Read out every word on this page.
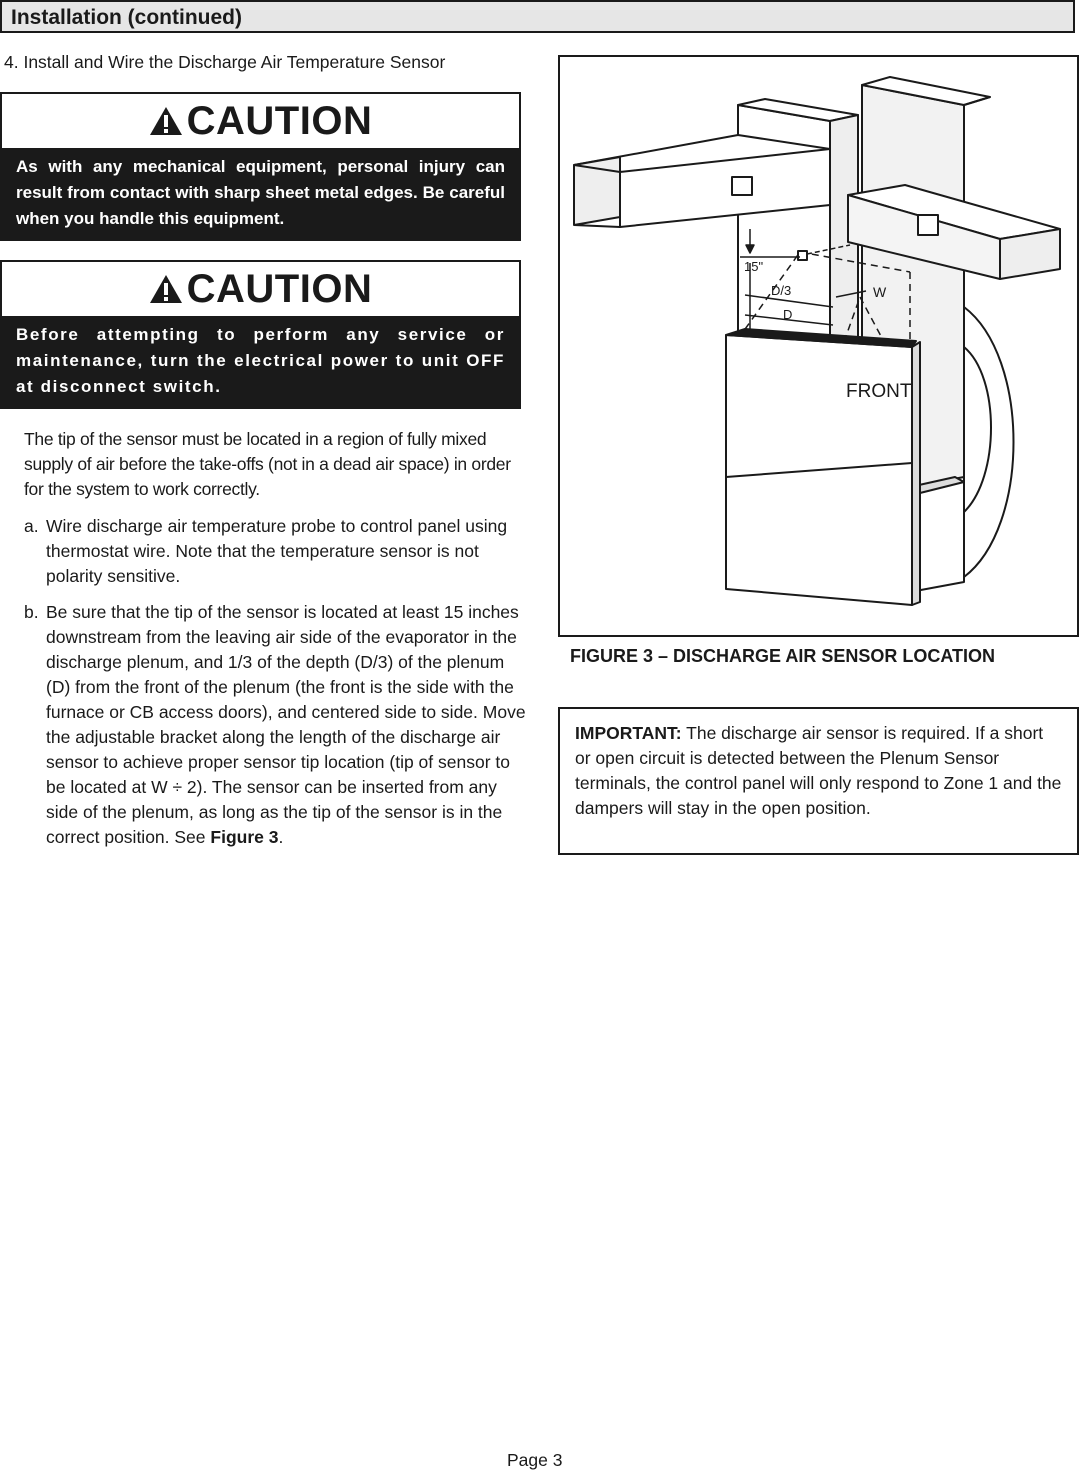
Installation (continued)
4. Install and Wire the Discharge Air Temperature Sensor
CAUTION
As with any mechanical equipment, personal injury can result from contact with sharp sheet metal edges. Be careful when you handle this equipment.
CAUTION
Before attempting to perform any service or maintenance, turn the electrical power to unit OFF at disconnect switch.
The tip of the sensor must be located in a region of fully mixed supply of air before the take-offs (not in a dead air space) in order for the system to work correctly.
a. Wire discharge air temperature probe to control panel using thermostat wire. Note that the temperature sensor is not polarity sensitive.
b. Be sure that the tip of the sensor is located at least 15 inches downstream from the leaving air side of the evaporator in the discharge plenum, and 1/3 of the depth (D/3) of the plenum (D) from the front of the plenum (the front is the side with the furnace or CB access doors), and centered side to side. Move the adjustable bracket along the length of the discharge air sensor to achieve proper sensor tip location (tip of sensor to be located at W ÷ 2). The sensor can be inserted from any side of the plenum, as long as the tip of the sensor is in the correct position. See Figure 3.
15"
D/3
D
W
FRONT
FIGURE 3 – DISCHARGE AIR SENSOR LOCATION
IMPORTANT: The discharge air sensor is required. If a short or open circuit is detected between the Plenum Sensor terminals, the control panel will only respond to Zone 1 and the dampers will stay in the open position.
Page 3
